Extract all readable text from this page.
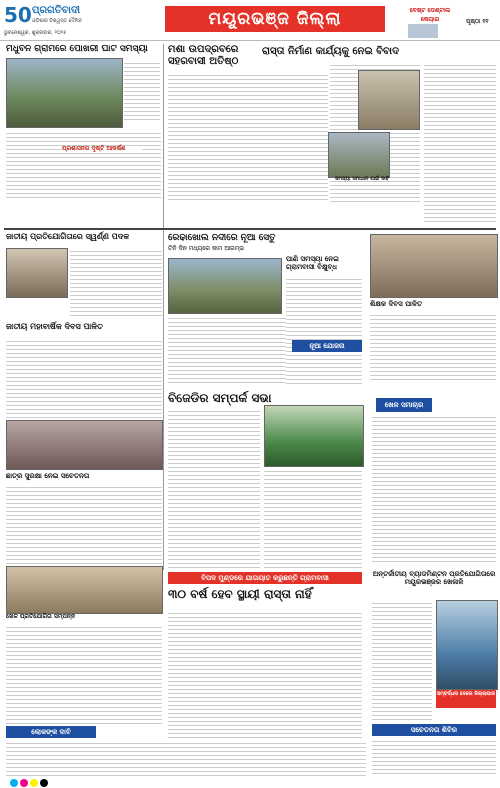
50 ପ୍ରଗତିବାଦୀ
ଓଡ଼ିଶାର ବିଶ୍ୱସ୍ତ ଦୈନିକ
ଭୁବନେଶ୍ୱର, ଶୁକ୍ରବାର, ୨୦୨୫
ମୟୂରଭଞ୍ଜ ଜିଲ୍ଲା	ବେଷ୍ଟ ଡେଣ୍ଟାଲ କେୟାର	ପୃଷ୍ଠା ୧୧
ମଧୁବନ ଗ୍ରାମରେ ପୋଖରୀ ଘାଟ ସମସ୍ୟା
ପ୍ରଶାସନର ଦୃଷ୍ଟି ଆକର୍ଷଣ
ମଶା ଉପଦ୍ରବରେ ସହରବାସୀ ଅତିଷ୍ଠ
ରାସ୍ତା ନିର୍ମାଣ କାର୍ଯ୍ୟକୁ ନେଇ ବିବାଦ
ସମସ୍ୟା ସମାଧାନ ପାଇଁ ଦାବି
ଜାତୀୟ ପ୍ରତିଯୋଗିତାରେ ସ୍ୱର୍ଣ୍ଣ ପଦକ
ଜାତୀୟ ମହାବାର୍ଷିକ ଦିବସ ପାଳିତ
ରେଢାଖୋଲ ନଦୀରେ ନୂଆ ସେତୁ
ତିନି ଦିନ ମଧ୍ୟରେ କାମ ଆରମ୍ଭ
ପାଣି ସମସ୍ୟା ନେଇ ଗ୍ରାମବାସୀ ବିକ୍ଷୁବ୍ଧ
ଶିକ୍ଷକ ଦିବସ ପାଳିତ
ନୂଆ ଯୋଜନା
ବିଜେଡିର ସମ୍ପର୍କ ସଭା	ଖେଳ ସମାଚାର
ଛାତ୍ର ସୁରକ୍ଷା ନେଇ ସଚେତନତା
ଖେଳ ପ୍ରତିଯୋଗିତା ସମ୍ପନ୍ନ
ବିପଦ ମୁଣ୍ଡରେ ଯାତାୟାତ କରୁଛନ୍ତି ଗ୍ରାମବାସୀ
୩୦ ବର୍ଷ ହେବ ସ୍ଥାୟୀ ରାସ୍ତା ନାହିଁ
ଅନ୍ତର୍ଜାତୀୟ ବ୍ୟାଡମିଣ୍ଟନ ପ୍ରତିଯୋଗିତାରେ ମୟୂରଭଞ୍ଜର ଖେଳାଳି
ସମ୍ବର୍ଦ୍ଧନା ଦେଲେ ଜିଲ୍ଲାପାଳ
ଲୋକଙ୍କ ଦାବି	ସଚେତନତା ଶିବିର
